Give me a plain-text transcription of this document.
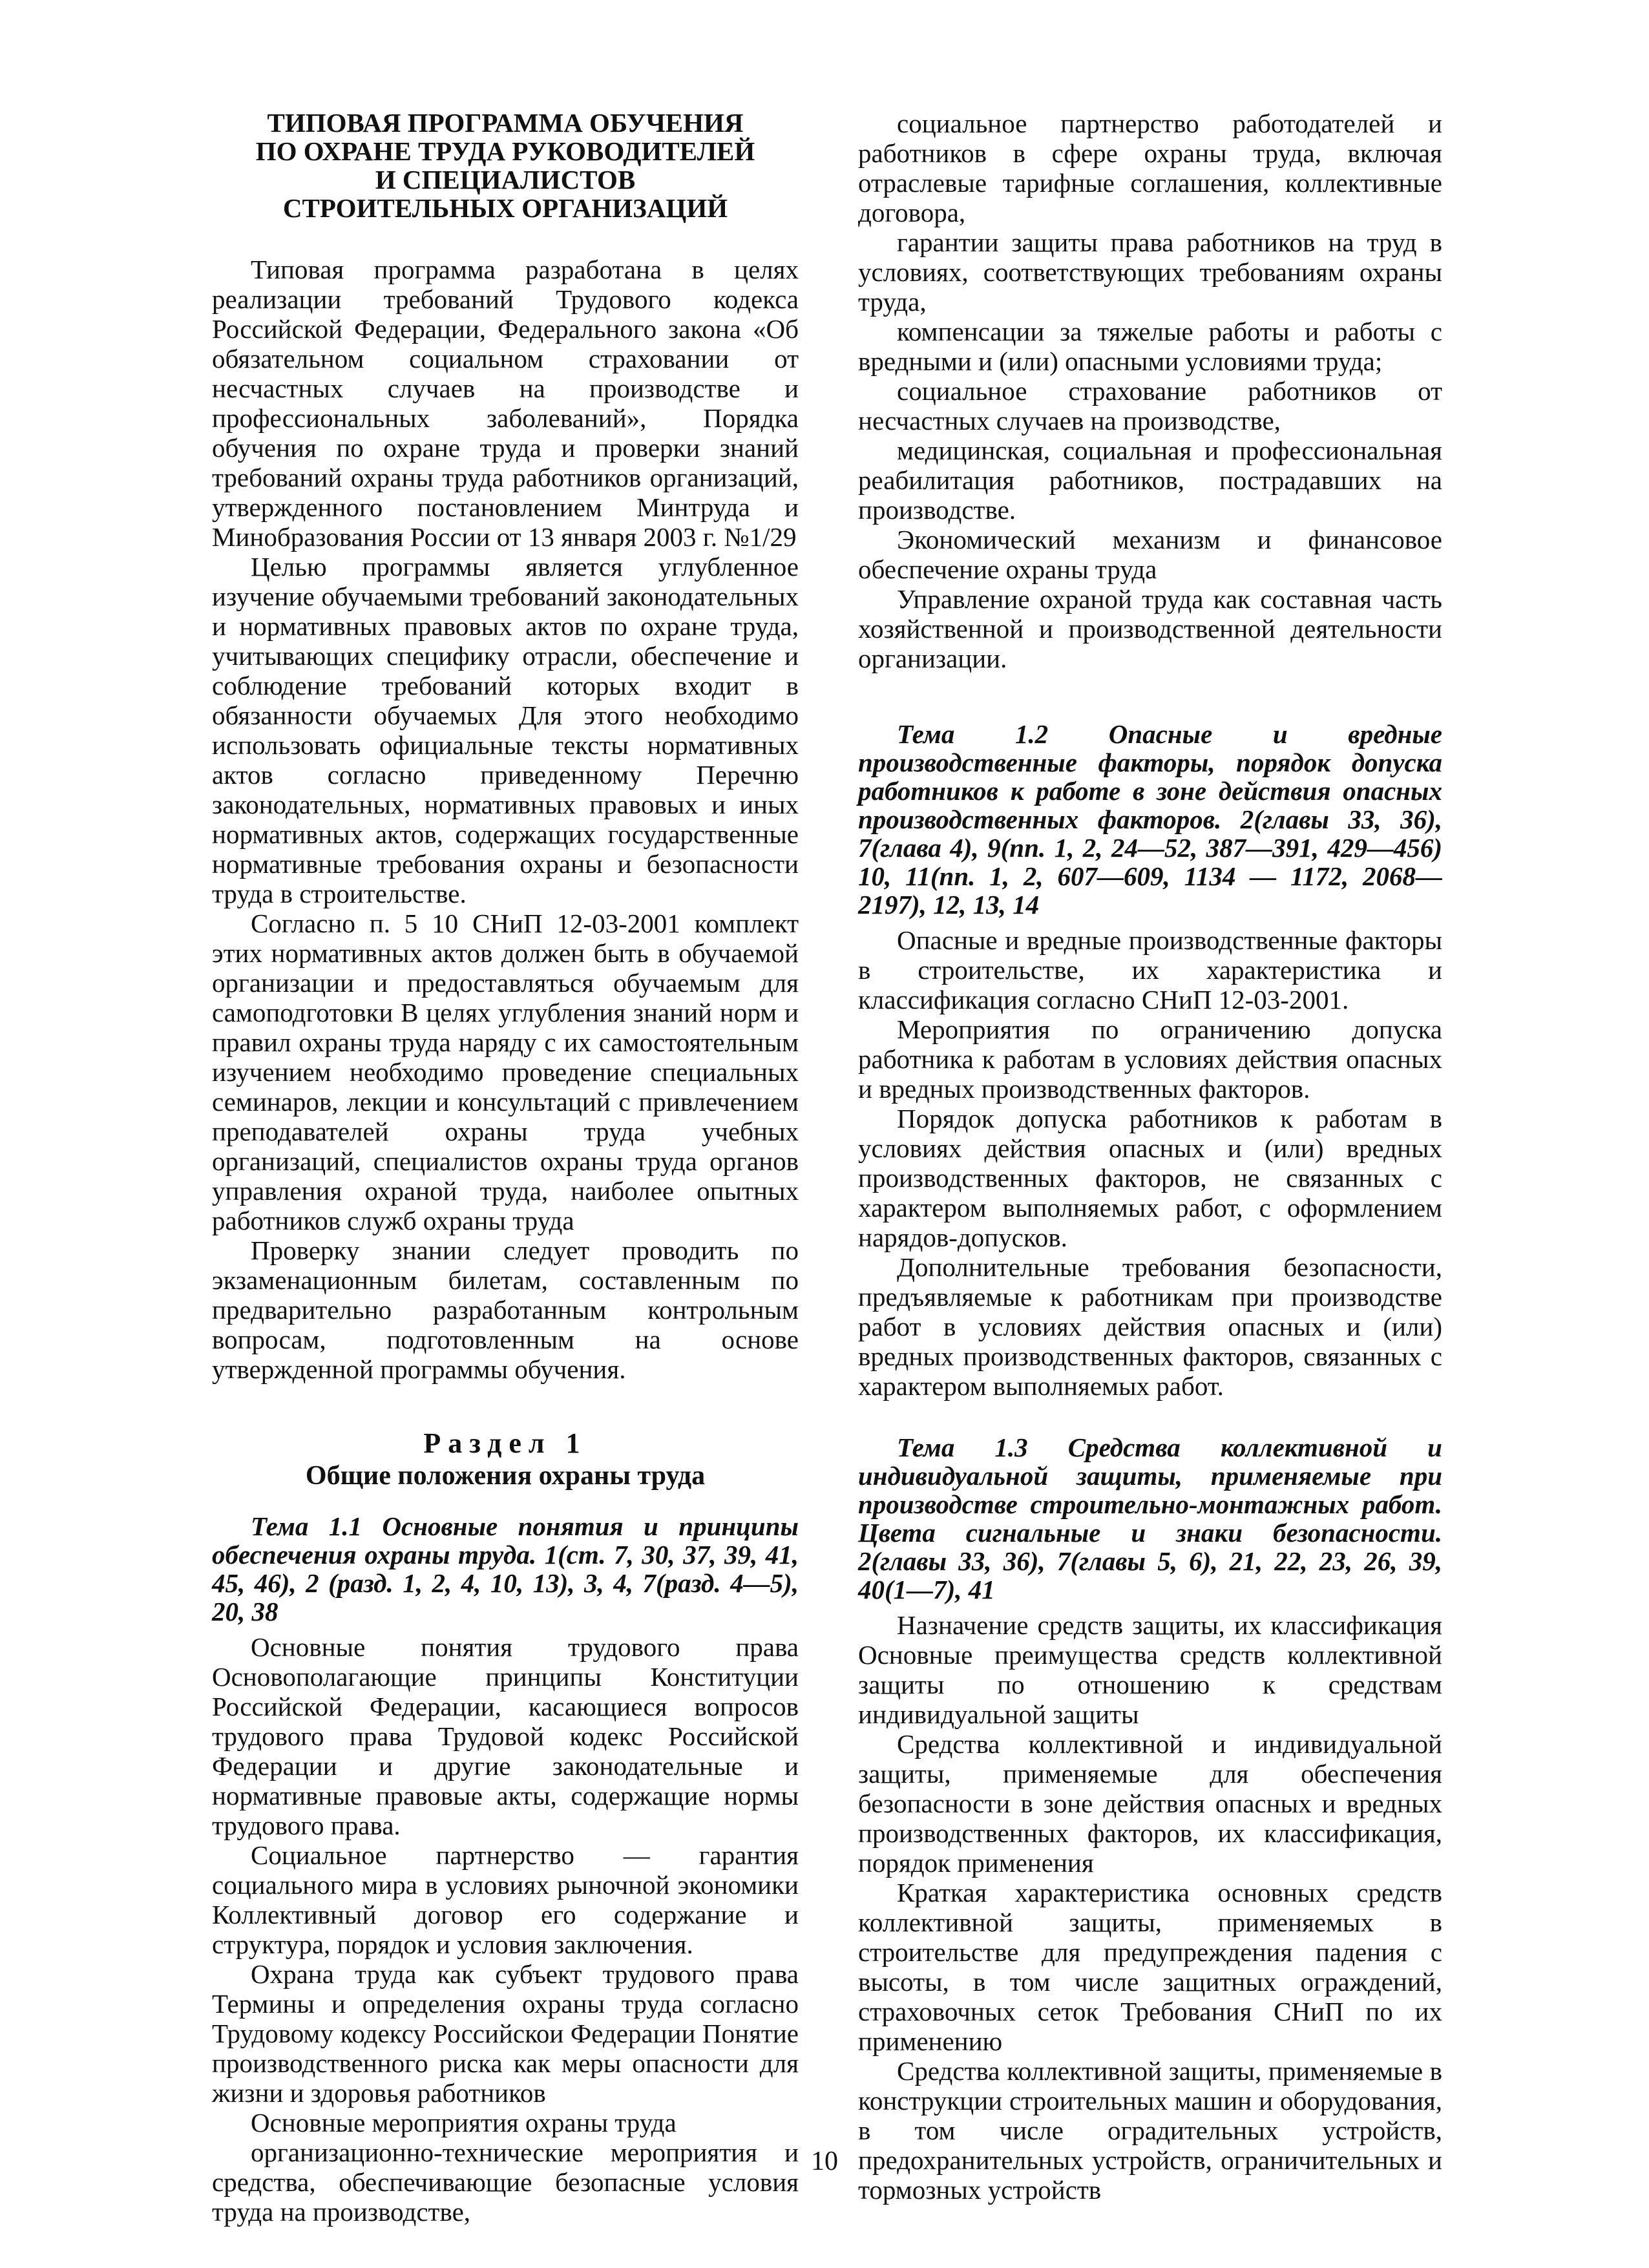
ТИПОВАЯ ПРОГРАММА ОБУЧЕНИЯ
ПО ОХРАНЕ ТРУДА РУКОВОДИТЕЛЕЙ
И СПЕЦИАЛИСТОВ
СТРОИТЕЛЬНЫХ ОРГАНИЗАЦИЙ

Типовая программа разработана в целях реализации требований Трудового кодекса Российской Федерации, Федерального закона «Об обязательном социальном страховании от несчастных случаев на производстве и профессиональных заболеваний», Порядка обучения по охране труда и проверки знаний требований охраны труда работников организаций, утвержденного постановлением Минтруда и Минобразования России от 13 января 2003 г. №1/29

Целью программы является углубленное изучение обучаемыми требований законодательных и нормативных правовых актов по охране труда, учитывающих специфику отрасли, обеспечение и соблюдение требований которых входит в обязанности обучаемых Для этого необходимо использовать официальные тексты нормативных актов согласно приведенному Перечню законодательных, нормативных правовых и иных нормативных актов, содержащих государственные нормативные требования охраны и безопасности труда в строительстве.

Согласно п. 5 10 СНиП 12-03-2001 комплект этих нормативных актов должен быть в обучаемой организации и предоставляться обучаемым для самоподготовки В целях углубления знаний норм и правил охраны труда наряду с их самостоятельным изучением необходимо проведение специальных семинаров, лекции и консультаций с привлечением преподавателей охраны труда учебных организаций, специалистов охраны труда органов управления охраной труда, наиболее опытных работников служб охраны труда

Проверку знании следует проводить по экзаменационным билетам, составленным по предварительно разработанным контрольным вопросам, подготовленным на основе утвержденной программы обучения.

Раздел 1
Общие положения охраны труда

Тема 1.1 Основные понятия и принципы обеспечения охраны труда. 1(ст. 7, 30, 37, 39, 41, 45, 46), 2 (разд. 1, 2, 4, 10, 13), 3, 4, 7(разд. 4—5), 20, 38

Основные понятия трудового права Основополагающие принципы Конституции Российской Федерации, касающиеся вопросов трудового права Трудовой кодекс Российской Федерации и другие законодательные и нормативные правовые акты, содержащие нормы трудового права.

Социальное партнерство — гарантия социального мира в условиях рыночной экономики Коллективный договор его содержание и структура, порядок и условия заключения.

Охрана труда как субъект трудового права Термины и определения охраны труда согласно Трудовому кодексу Российскои Федерации Понятие производственного риска как меры опасности для жизни и здоровья работников

Основные мероприятия охраны труда

организационно-технические мероприятия и средства, обеспечивающие безопасные условия труда на производстве,

социальное партнерство работодателей и работников в сфере охраны труда, включая отраслевые тарифные соглашения, коллективные договора,

гарантии защиты права работников на труд в условиях, соответствующих требованиям охраны труда,

компенсации за тяжелые работы и работы с вредными и (или) опасными условиями труда;

социальное страхование работников от несчастных случаев на производстве,

медицинская, социальная и профессиональная реабилитация работников, пострадавших на производстве.

Экономический механизм и финансовое обеспечение охраны труда

Управление охраной труда как составная часть хозяйственной и производственной деятельности организации.

Тема 1.2 Опасные и вредные производственные факторы, порядок допуска работников к работе в зоне действия опасных производственных факторов. 2(главы 33, 36), 7(глава 4), 9(пп. 1, 2, 24—52, 387—391, 429—456) 10, 11(пп. 1, 2, 607—609, 1134 — 1172, 2068—2197), 12, 13, 14

Опасные и вредные производственные факторы в строительстве, их характеристика и классификация согласно СНиП 12-03-2001.

Мероприятия по ограничению допуска работника к работам в условиях действия опасных и вредных производственных факторов.

Порядок допуска работников к работам в условиях действия опасных и (или) вредных производственных факторов, не связанных с характером выполняемых работ, с оформлением нарядов-допусков.

Дополнительные требования безопасности, предъявляемые к работникам при производстве работ в условиях действия опасных и (или) вредных производственных факторов, связанных с характером выполняемых работ.

Тема 1.3 Средства коллективной и индивидуальной защиты, применяемые при производстве строительно-монтажных работ. Цвета сигнальные и знаки безопасности. 2(главы 33, 36), 7(главы 5, 6), 21, 22, 23, 26, 39, 40(1—7), 41

Назначение средств защиты, их классификация Основные преимущества средств коллективной защиты по отношению к средствам индивидуальной защиты

Средства коллективной и индивидуальной защиты, применяемые для обеспечения безопасности в зоне действия опасных и вредных производственных факторов, их классификация, порядок применения

Краткая характеристика основных средств коллективной защиты, применяемых в строительстве для предупреждения падения с высоты, в том числе защитных ограждений, страховочных сеток Требования СНиП по их применению

Средства коллективной защиты, применяемые в конструкции строительных машин и оборудования, в том числе оградительных устройств, предохранительных устройств, ограничительных и тормозных устройств

10
